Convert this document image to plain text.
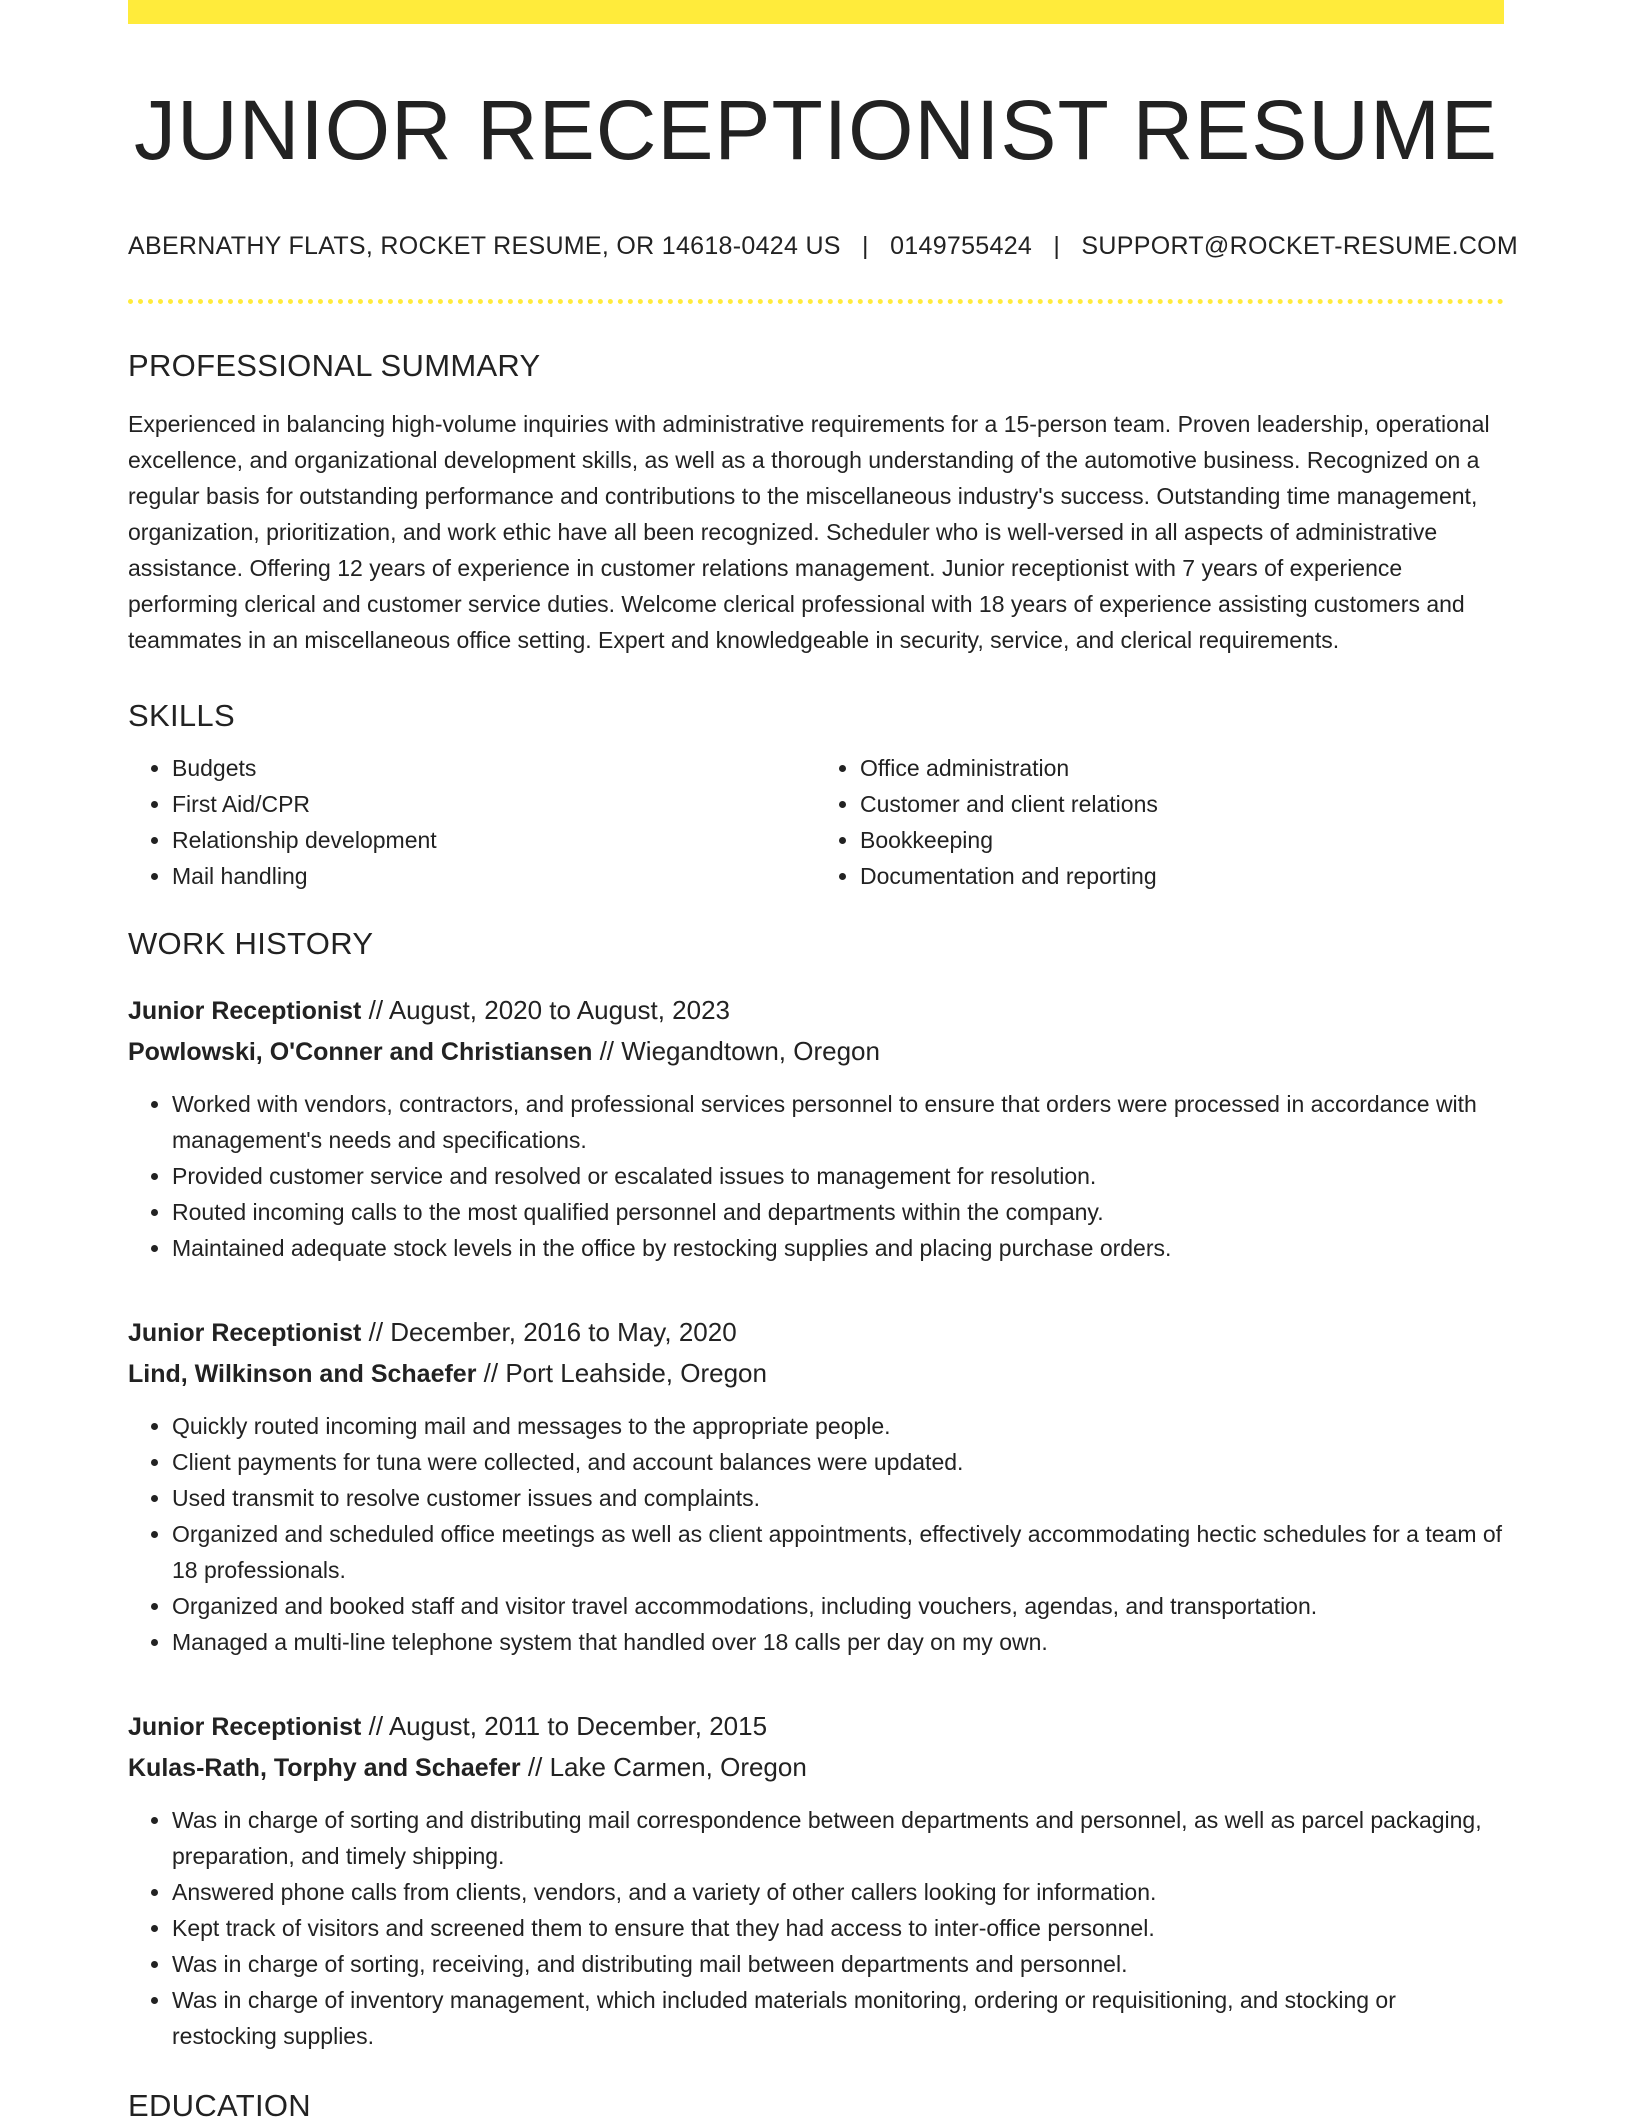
JUNIOR RECEPTIONIST RESUME
ABERNATHY FLATS, ROCKET RESUME, OR 14618-0424 US | 0149755424 | SUPPORT@ROCKET-RESUME.COM
PROFESSIONAL SUMMARY

Experienced in balancing high-volume inquiries with administrative requirements for a 15-person team. Proven leadership, operational excellence, and organizational development skills, as well as a thorough understanding of the automotive business. Recognized on a regular basis for outstanding performance and contributions to the miscellaneous industry's success. Outstanding time management, organization, prioritization, and work ethic have all been recognized. Scheduler who is well-versed in all aspects of administrative assistance. Offering 12 years of experience in customer relations management. Junior receptionist with 7 years of experience performing clerical and customer service duties. Welcome clerical professional with 18 years of experience assisting customers and teammates in an miscellaneous office setting. Expert and knowledgeable in security, service, and clerical requirements.

SKILLS
• Budgets
• First Aid/CPR
• Relationship development
• Mail handling
• Office administration
• Customer and client relations
• Bookkeeping
• Documentation and reporting
WORK HISTORY
Junior Receptionist // August, 2020 to August, 2023
Powlowski, O'Conner and Christiansen // Wiegandtown, Oregon
• Worked with vendors, contractors, and professional services personnel to ensure that orders were processed in accordance with management's needs and specifications.
• Provided customer service and resolved or escalated issues to management for resolution.
• Routed incoming calls to the most qualified personnel and departments within the company.
• Maintained adequate stock levels in the office by restocking supplies and placing purchase orders.
Junior Receptionist // December, 2016 to May, 2020
Lind, Wilkinson and Schaefer // Port Leahside, Oregon
• Quickly routed incoming mail and messages to the appropriate people.
• Client payments for tuna were collected, and account balances were updated.
• Used transmit to resolve customer issues and complaints.
• Organized and scheduled office meetings as well as client appointments, effectively accommodating hectic schedules for a team of 18 professionals.
• Organized and booked staff and visitor travel accommodations, including vouchers, agendas, and transportation.
• Managed a multi-line telephone system that handled over 18 calls per day on my own.
Junior Receptionist // August, 2011 to December, 2015
Kulas-Rath, Torphy and Schaefer // Lake Carmen, Oregon
• Was in charge of sorting and distributing mail correspondence between departments and personnel, as well as parcel packaging, preparation, and timely shipping.
• Answered phone calls from clients, vendors, and a variety of other callers looking for information.
• Kept track of visitors and screened them to ensure that they had access to inter-office personnel.
• Was in charge of sorting, receiving, and distributing mail between departments and personnel.
• Was in charge of inventory management, which included materials monitoring, ordering or requisitioning, and stocking or restocking supplies.
EDUCATION
